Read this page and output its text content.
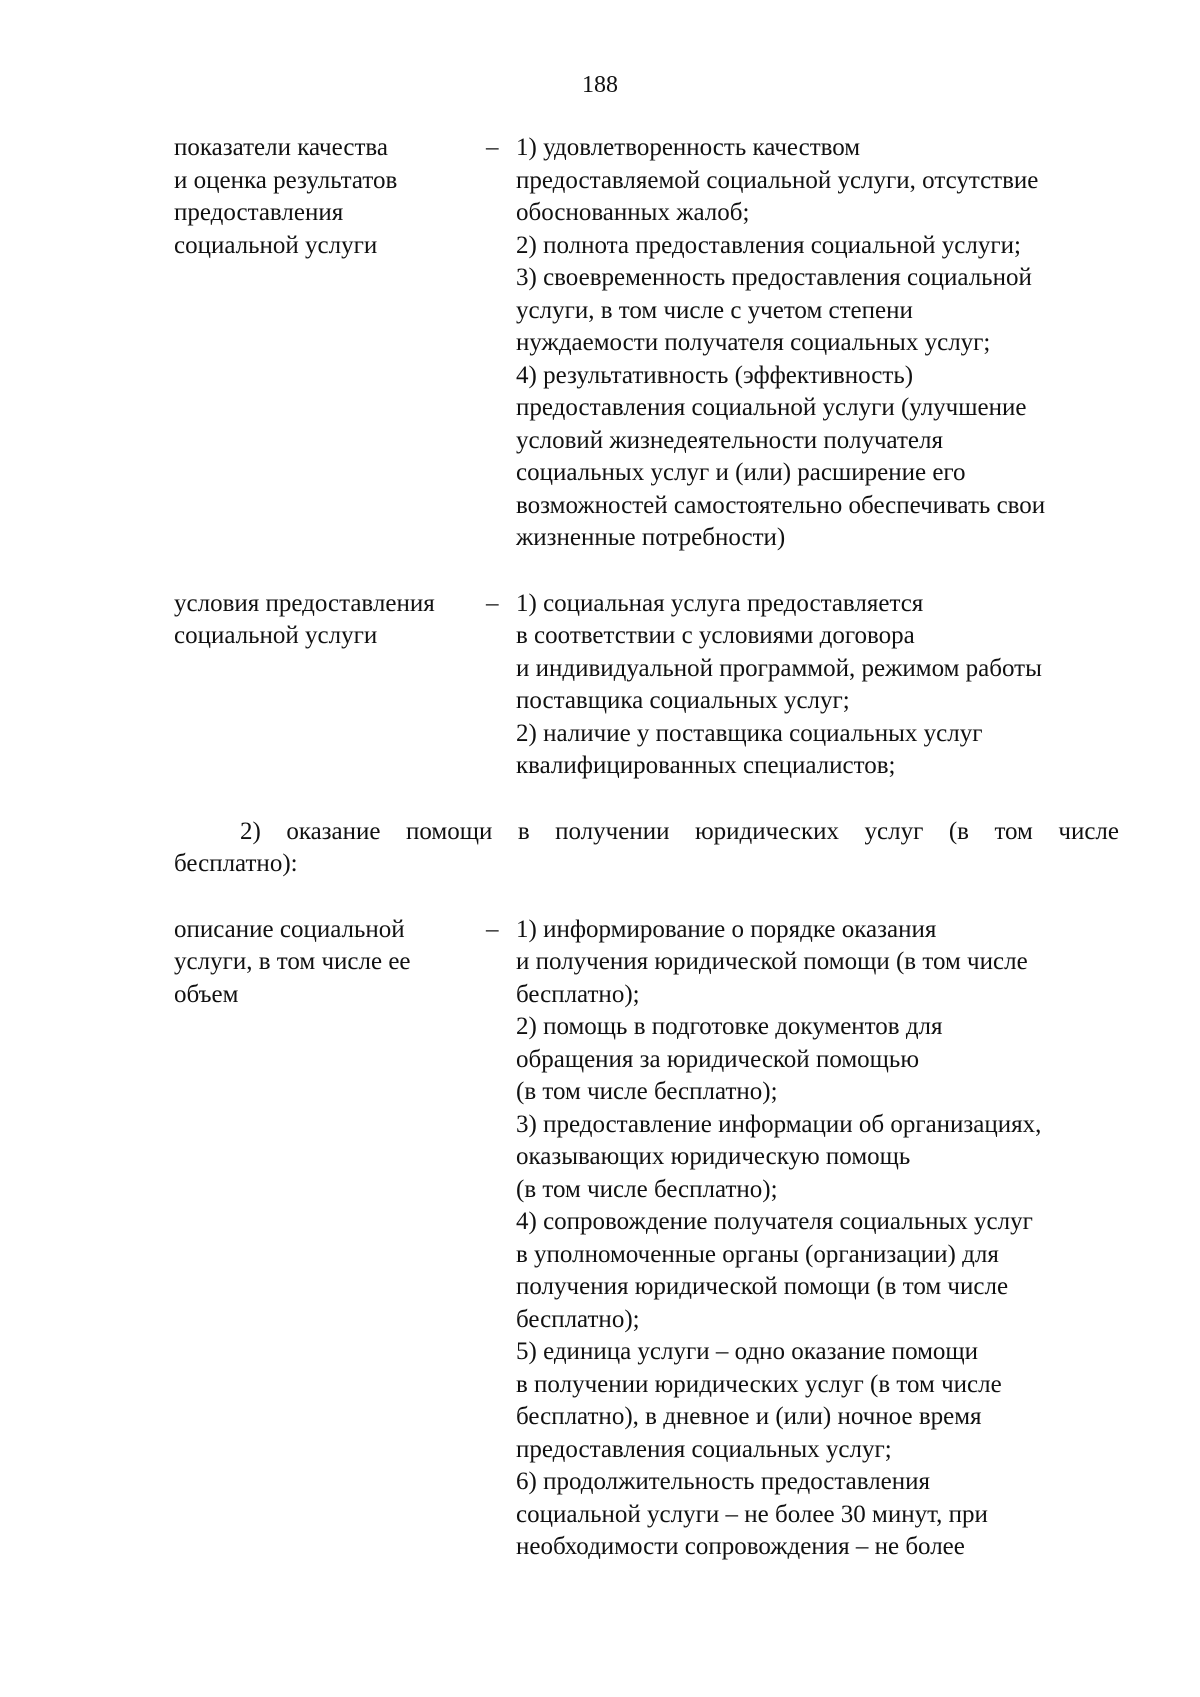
188
показатели качества
и оценка результатов
предоставления
социальной услуги
– 1) удовлетворенность качеством
предоставляемой социальной услуги, отсутствие
обоснованных жалоб;
2) полнота предоставления социальной услуги;
3) своевременность предоставления социальной
услуги, в том числе с учетом степени
нуждаемости получателя социальных услуг;
4) результативность (эффективность)
предоставления социальной услуги (улучшение
условий жизнедеятельности получателя
социальных услуг и (или) расширение его
возможностей самостоятельно обеспечивать свои
жизненные потребности)
условия предоставления
социальной услуги
– 1) социальная услуга предоставляется
в соответствии с условиями договора
и индивидуальной программой, режимом работы
поставщика социальных услуг;
2) наличие у поставщика социальных услуг
квалифицированных специалистов;
2) оказание помощи в получении юридических услуг (в том числе
бесплатно):
описание социальной
услуги, в том числе ее
объем
– 1) информирование о порядке оказания
и получения юридической помощи (в том числе
бесплатно);
2) помощь в подготовке документов для
обращения за юридической помощью
(в том числе бесплатно);
3) предоставление информации об организациях,
оказывающих юридическую помощь
(в том числе бесплатно);
4) сопровождение получателя социальных услуг
в уполномоченные органы (организации) для
получения юридической помощи (в том числе
бесплатно);
5) единица услуги – одно оказание помощи
в получении юридических услуг (в том числе
бесплатно), в дневное и (или) ночное время
предоставления социальных услуг;
6) продолжительность предоставления
социальной услуги – не более 30 минут, при
необходимости сопровождения – не более
